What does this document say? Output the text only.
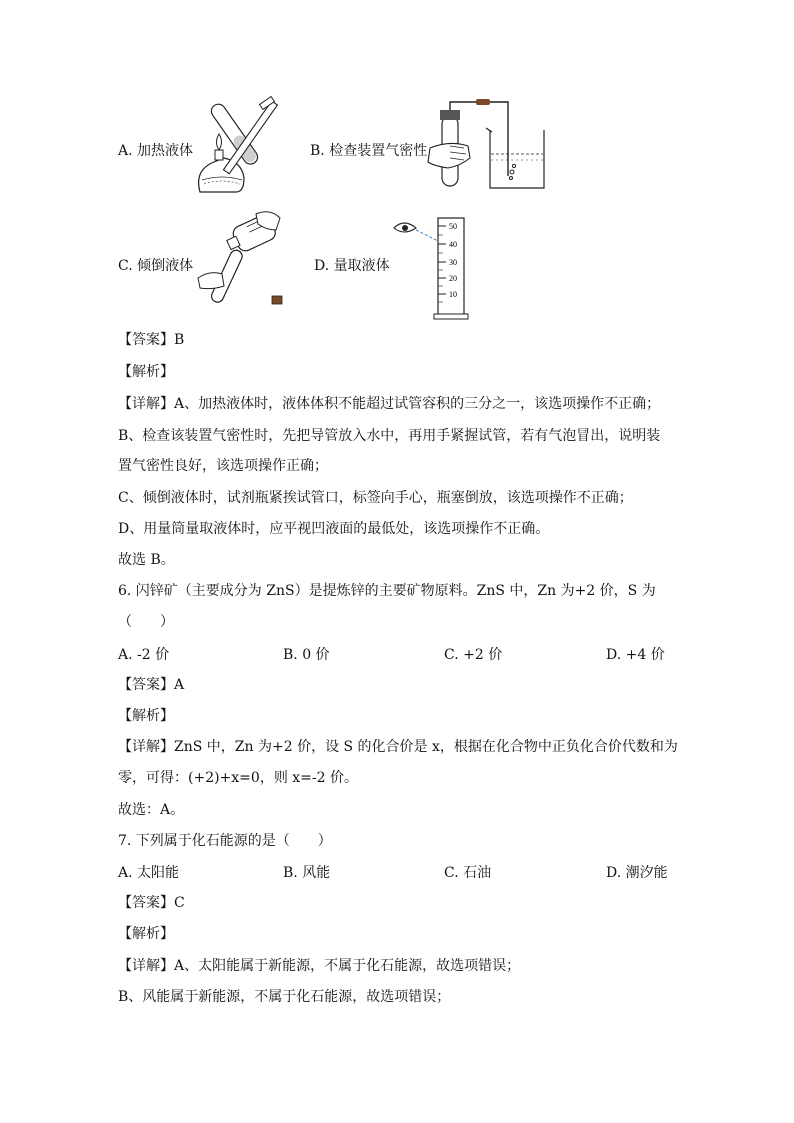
A. 加热液体	B. 检查装置气密性
C. 倾倒液体	D. 量取液体
50
40
30
20
10
【答案】B
【解析】
【详解】A、加热液体时，液体体积不能超过试管容积的三分之一，该选项操作不正确；
B、检查该装置气密性时，先把导管放入水中，再用手紧握试管，若有气泡冒出，说明装
置气密性良好，该选项操作正确；
C、倾倒液体时，试剂瓶紧挨试管口，标签向手心，瓶塞倒放，该选项操作不正确；
D、用量筒量取液体时，应平视凹液面的最低处，该选项操作不正确。
故选 B。
6. 闪锌矿（主要成分为 ZnS）是提炼锌的主要矿物原料。ZnS 中，Zn 为+2 价，S 为
（　　）
A. -2 价	B. 0 价	C. +2 价	D. +4 价
【答案】A
【解析】
【详解】ZnS 中，Zn 为+2 价，设 S 的化合价是 x，根据在化合物中正负化合价代数和为
零，可得：(+2)+x=0，则 x=-2 价。
故选：A。
7. 下列属于化石能源的是（　　）
A. 太阳能	B. 风能	C. 石油	D. 潮汐能
【答案】C
【解析】
【详解】A、太阳能属于新能源，不属于化石能源，故选项错误；
B、风能属于新能源，不属于化石能源，故选项错误；
